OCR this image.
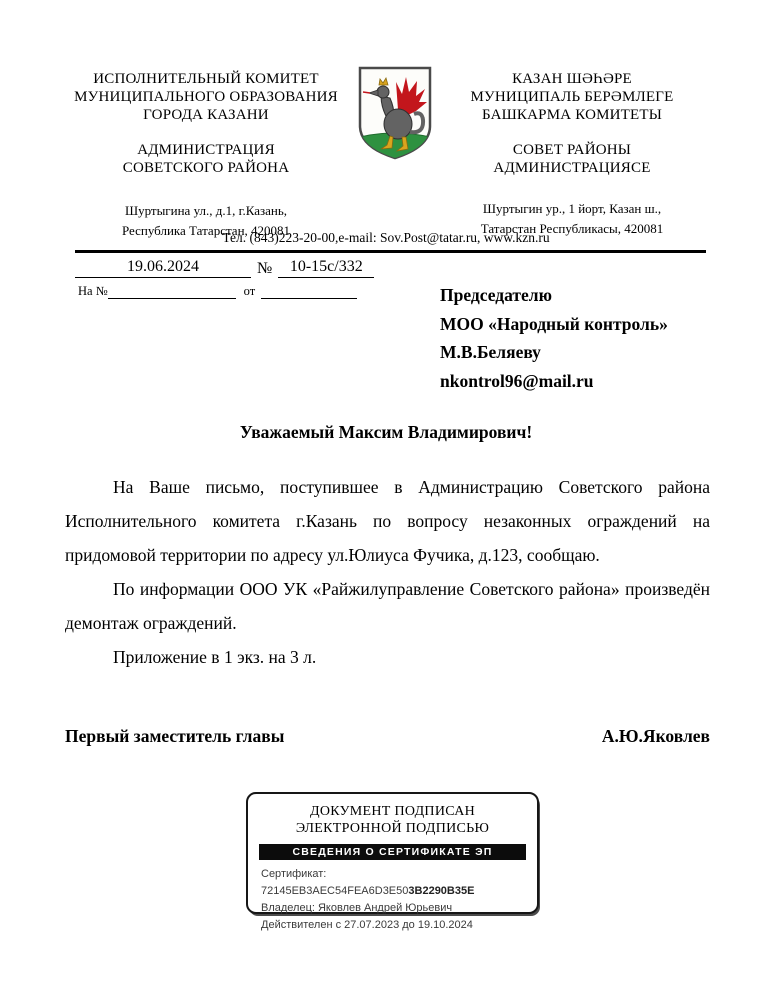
ИСПОЛНИТЕЛЬНЫЙ КОМИТЕТ
МУНИЦИПАЛЬНОГО ОБРАЗОВАНИЯ
ГОРОДА КАЗАНИ
АДМИНИСТРАЦИЯ
СОВЕТСКОГО РАЙОНА
Шуртыгина ул., д.1, г.Казань,
Республика Татарстан, 420081
КАЗАН ШӘҺӘРЕ
МУНИЦИПАЛЬ БЕРӘМЛЕГЕ
БАШКАРМА КОМИТЕТЫ
СОВЕТ РАЙОНЫ
АДМИНИСТРАЦИЯСЕ
Шуртыгин ур., 1 йорт, Казан ш.,
Татарстан Республикасы, 420081
Тел. (843)223-20-00,e-mail: Sov.Post@tatar.ru, www.kzn.ru
19.06.2024	№ 10-15с/332
На №	от	Председателю
МОО «Народный контроль»
М.В.Беляеву
nkontrol96@mail.ru
Уважаемый Максим Владимирович!

На Ваше письмо, поступившее в Администрацию Советского района Исполнительного комитета г.Казань по вопросу незаконных ограждений на придомовой территории по адресу ул.Юлиуса Фучика, д.123, сообщаю.

По информации ООО УК «Райжилуправление Советского района» произведён демонтаж ограждений.

Приложение в 1 экз. на 3 л.

Первый заместитель главы	А.Ю.Яковлев
ДОКУМЕНТ ПОДПИСАН
ЭЛЕКТРОННОЙ ПОДПИСЬЮ
СВЕДЕНИЯ О СЕРТИФИКАТЕ ЭП
Сертификат: 72145EB3AEC54FEA6D3E503B2290B35E
Владелец: Яковлев Андрей Юрьевич
Действителен с 27.07.2023 до 19.10.2024
